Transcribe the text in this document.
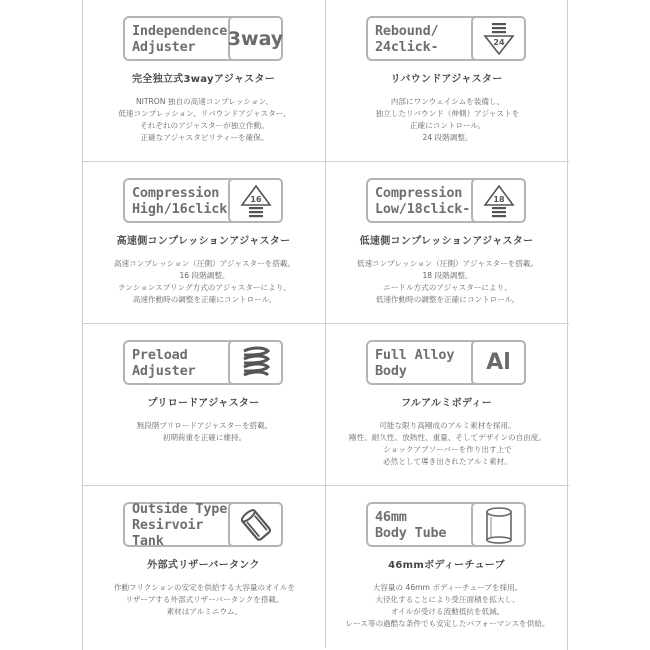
Independence
Adjuster	3way
完全独立式3wayアジャスター
NITRON 独自の高速コンプレッション、
低速コンプレッション、リバウンドアジャスター、
それぞれのアジャスターが独立作動。
正確なアジャスタビリティーを確保。
Rebound/
24click-	24
リバウンドアジャスター
内部にワンウェイシムを装備し、
独立したリバウンド（伸側）アジャストを
正確にコントロール。
24 段階調整。
Compression
High/16click
16
高速側コンプレッションアジャスター
高速コンプレッション（圧側）アジャスターを搭載。
16 段階調整。
テンションスプリング方式のアジャスターにより、
高速作動時の調整を正確にコントロール。
Compression
Low/18click-
18
低速側コンプレッションアジャスター
低速コンプレッション（圧側）アジャスターを搭載。
18 段階調整。
ニードル方式のアジャスターにより、
低速作動時の調整を正確にコントロール。
Preload
Adjuster
プリロードアジャスター
無段階プリロードアジャスターを搭載。
初期荷重を正確に維持。
Full Alloy
Body	Al
フルアルミボディー
可能な限り高剛成のアルミ素材を採用。
剛性、耐久性、放熱性、重量、そしてデザインの自由度。
ショックアブソーバーを作り出す上で
必然として導き出されたアルミ素材。
Outside Type
Resirvoir Tank
外部式リザーバータンク
作動フリクションの安定を供給する大容量のオイルを
リザーブする外部式リザーバータンクを搭載。
素材はアルミニウム。
46mm
Body Tube
46mmボディーチューブ
大容量の 46mm ボディーチューブを採用。
大径化することにより受圧面積を拡大し、
オイルが受ける流動抵抗を低減。
レース等の過酷な条件でも安定したパフォーマンスを供給。
